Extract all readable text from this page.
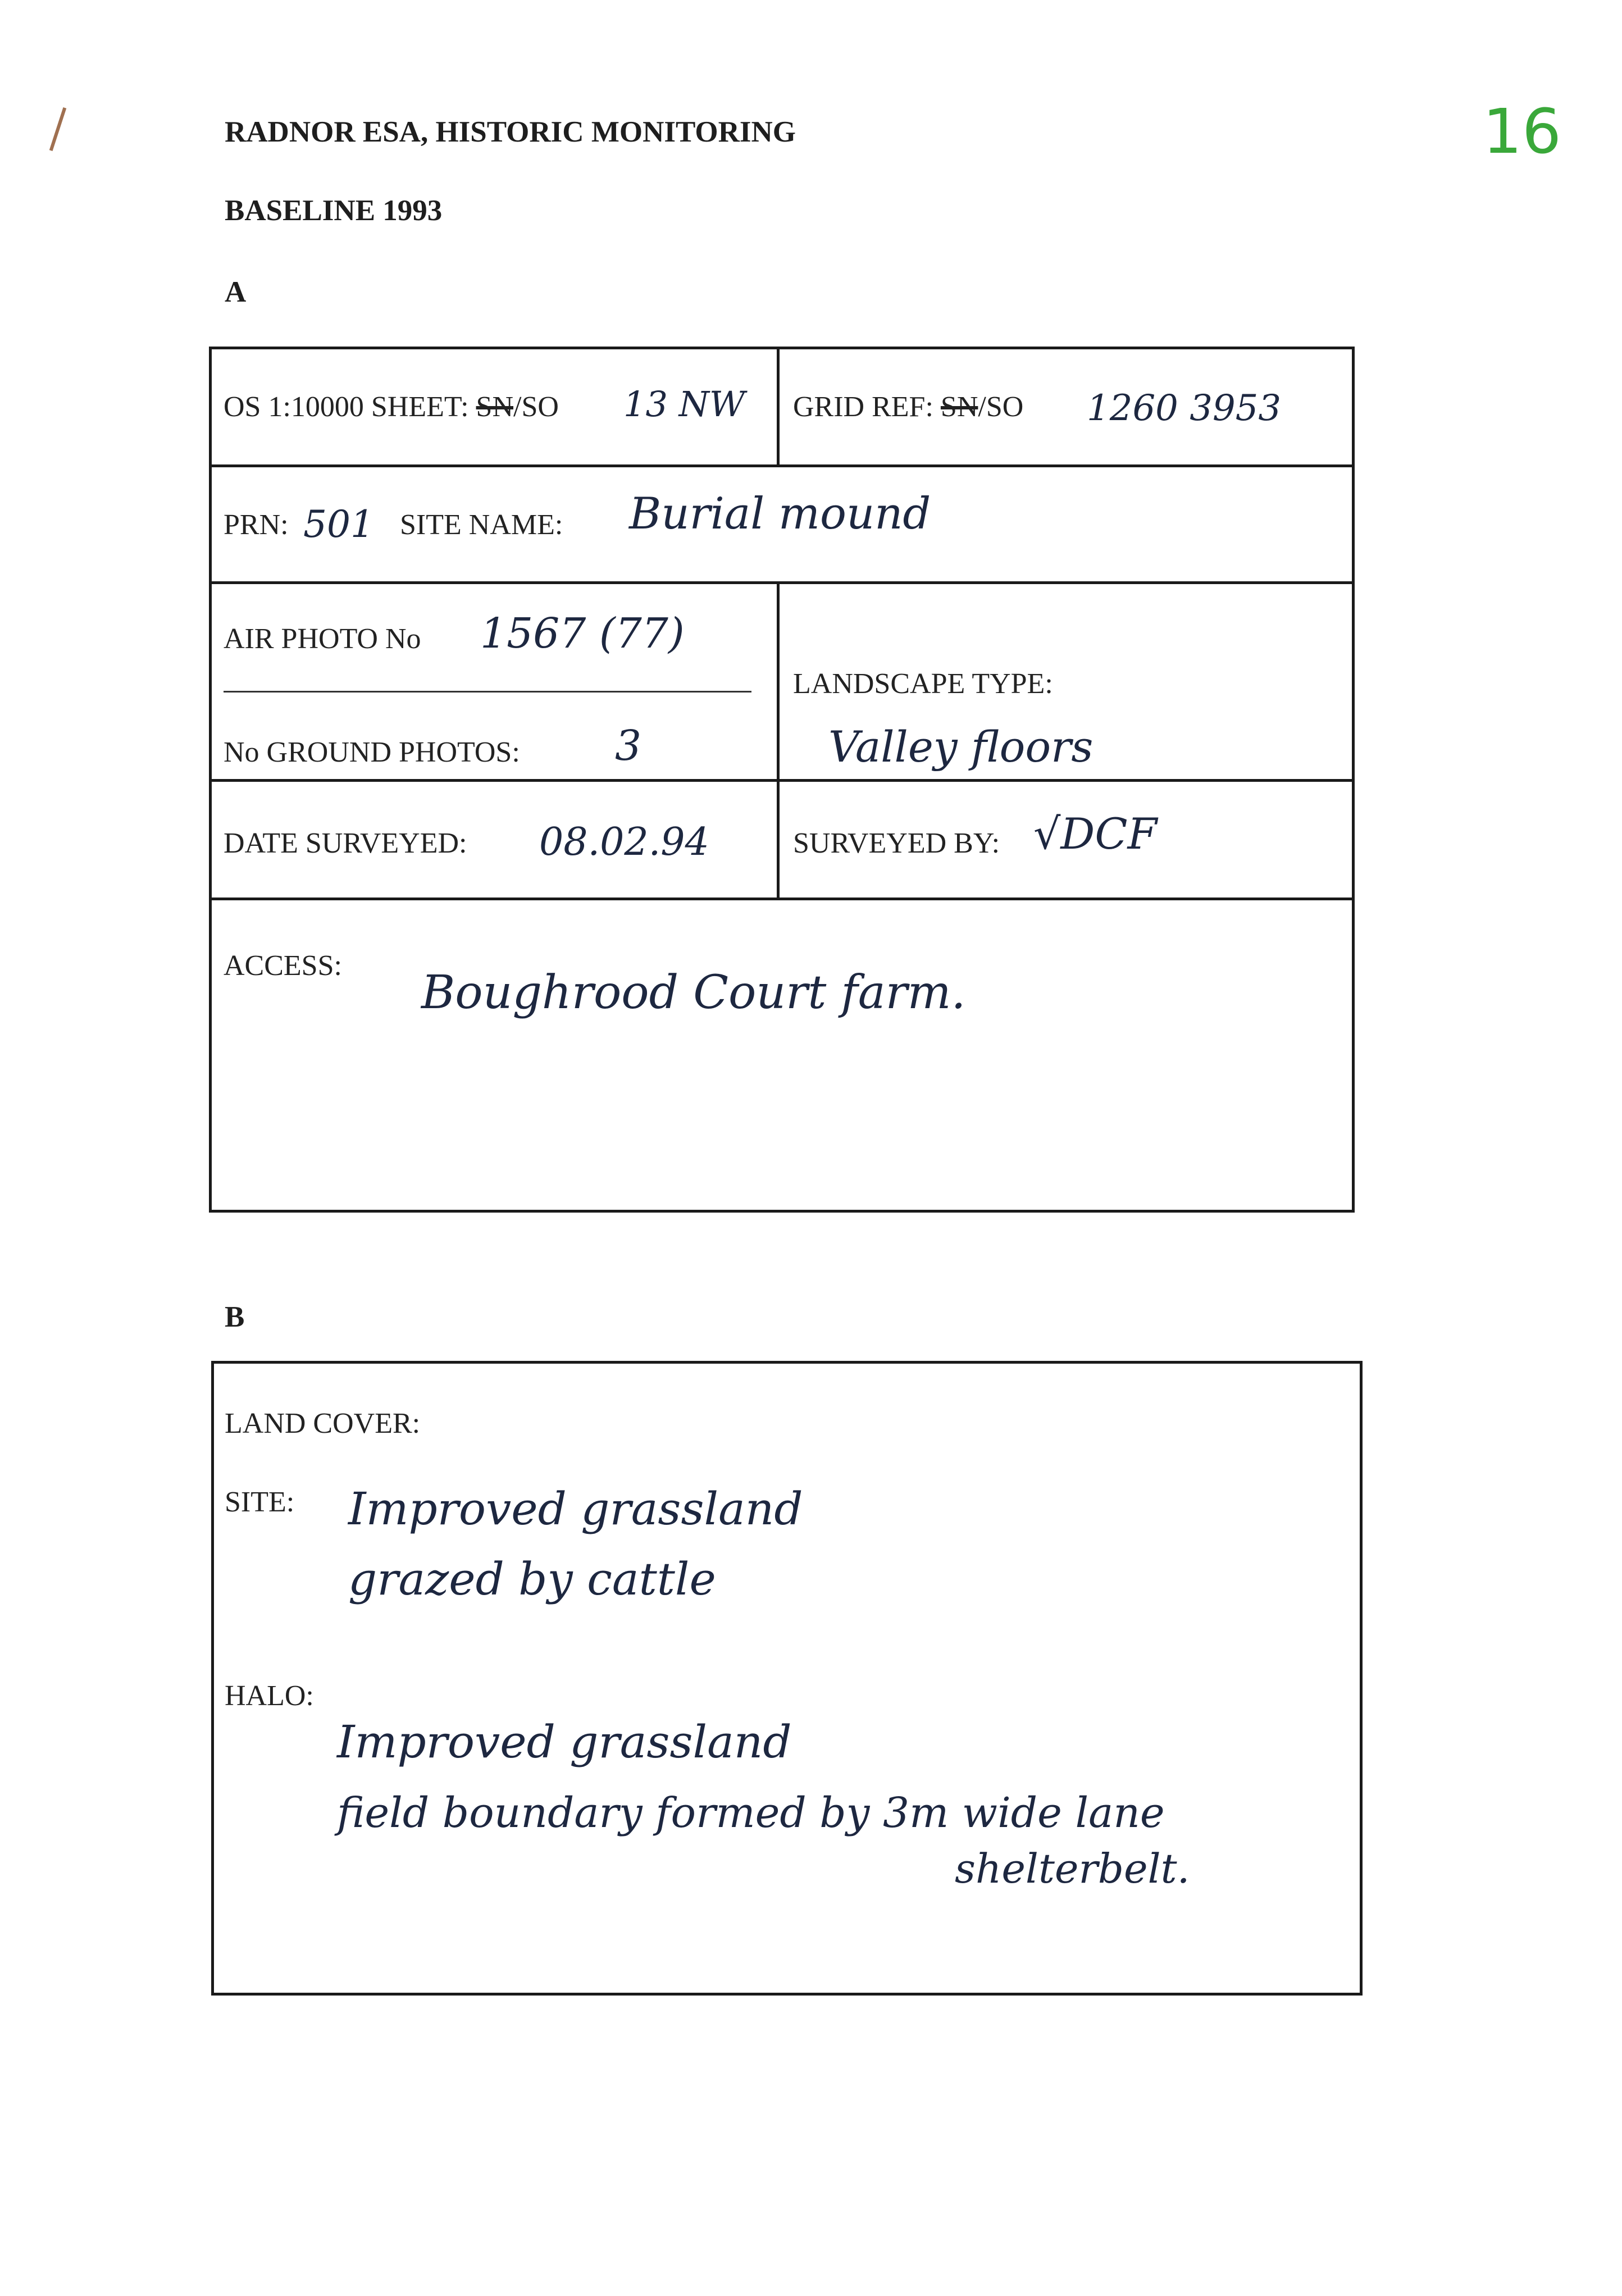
RADNOR ESA, HISTORIC MONITORING	16
BASELINE 1993
A
OS 1:10000 SHEET: SN/SO 13 NW GRID REF: SN/SO 1260 3953
PRN: 501 SITE NAME: Burial mound
AIR PHOTO No 1567 (77)
No GROUND PHOTOS: 3
LANDSCAPE TYPE:
Valley floors
DATE SURVEYED: 08.02.94	SURVEYED BY: √DCF
ACCESS:
Boughrood Court farm.
B
LAND COVER:
SITE: Improved grassland
grazed by cattle
HALO:
Improved grassland
field boundary formed by 3m wide lane
shelterbelt.
